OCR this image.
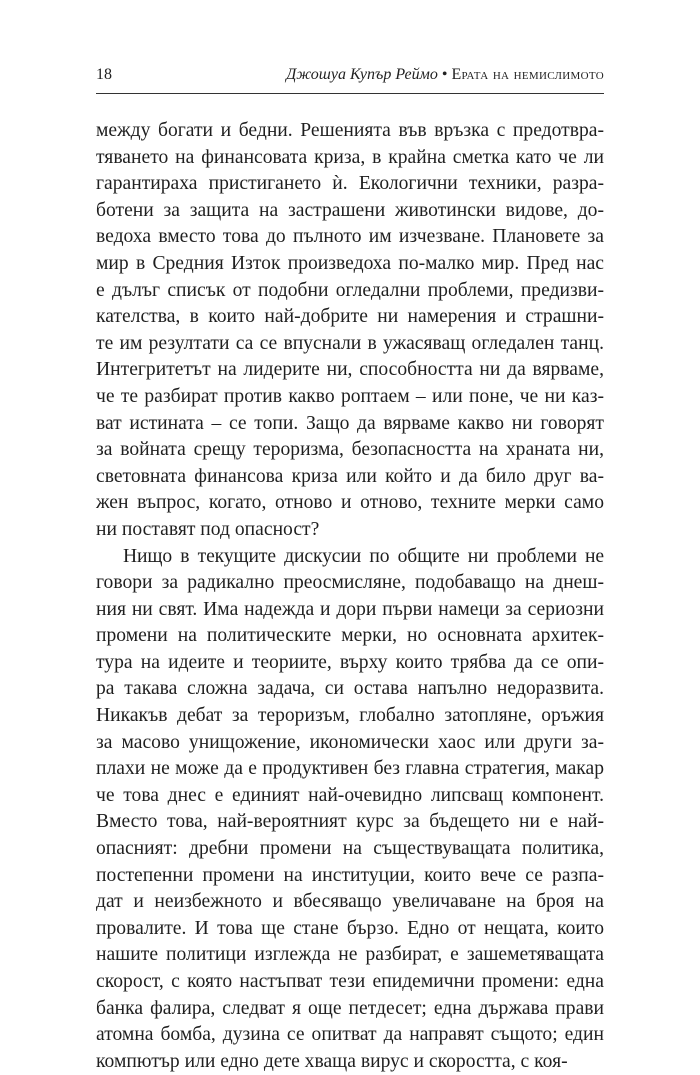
18	Джошуа Купър Реймо • Ерата на немислимото

между богати и бедни. Решенията във връзка с предотвра-
тяването на финансовата криза, в крайна сметка като че ли
гарантираха пристигането ѝ. Екологични техники, разра-
ботени за защита на застрашени животински видове, до-
ведоха вместо това до пълното им изчезване. Плановете за
мир в Средния Изток произведоха по-малко мир. Пред нас
е дълъг списък от подобни огледални проблеми, предизви-
кателства, в които най-добрите ни намерения и страшни-
те им резултати са се впуснали в ужасяващ огледален танц.
Интегритетът на лидерите ни, способността ни да вярваме,
че те разбират против какво роптаем – или поне, че ни каз-
ват истината – се топи. Защо да вярваме какво ни говорят
за войната срещу тероризма, безопасността на храната ни,
световната финансова криза или който и да било друг ва-
жен въпрос, когато, отново и отново, техните мерки само
ни поставят под опасност?

Нищо в текущите дискусии по общите ни проблеми не
говори за радикално преосмисляне, подобаващо на днеш-
ния ни свят. Има надежда и дори първи намеци за сериозни
промени на политическите мерки, но основната архитек-
тура на идеите и теориите, върху които трябва да се опи-
ра такава сложна задача, си остава напълно недоразвита.
Никакъв дебат за тероризъм, глобално затопляне, оръжия
за масово унищожение, икономически хаос или други за-
плахи не може да е продуктивен без главна стратегия, макар
че това днес е единият най-очевидно липсващ компонент.
Вместо това, най-вероятният курс за бъдещето ни е най-
опасният: дребни промени на съществуващата политика,
постепенни промени на институции, които вече се разпа-
дат и неизбежното и вбесяващо увеличаване на броя на
провалите. И това ще стане бързо. Едно от нещата, които
нашите политици изглежда не разбират, е зашеметяващата
скорост, с която настъпват тези епидемични промени: една
банка фалира, следват я още петдесет; една държава прави
атомна бомба, дузина се опитват да направят същото; един
компютър или едно дете хваща вирус и скоростта, с коя-
